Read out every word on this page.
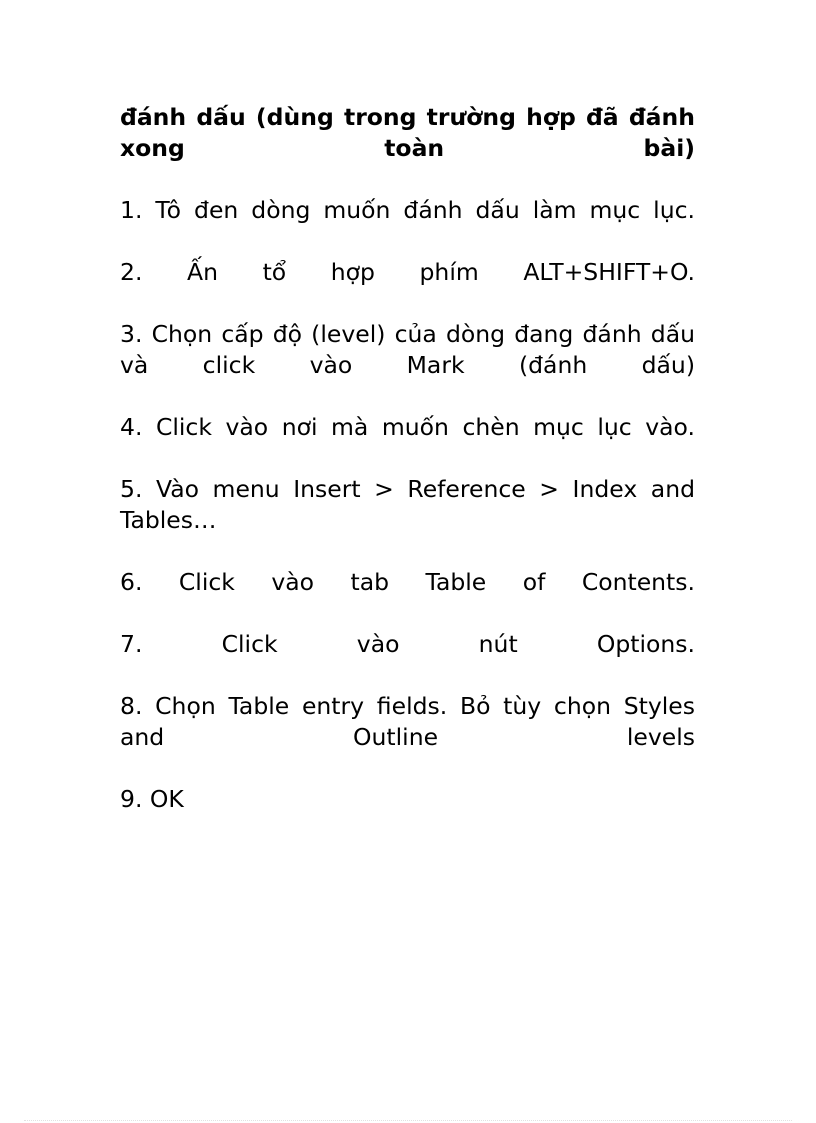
đánh dấu (dùng trong trường hợp đã đánh xong toàn bài)

1. Tô đen dòng muốn đánh dấu làm mục lục.

2. Ấn tổ hợp phím ALT+SHIFT+O.

3. Chọn cấp độ (level) của dòng đang đánh dấu và click vào Mark (đánh dấu)

4. Click vào nơi mà muốn chèn mục lục vào.

5. Vào menu Insert > Reference > Index and Tables…

6. Click vào tab Table of Contents.

7. Click vào nút Options.

8. Chọn Table entry fields. Bỏ tùy chọn Styles and Outline levels

9. OK
